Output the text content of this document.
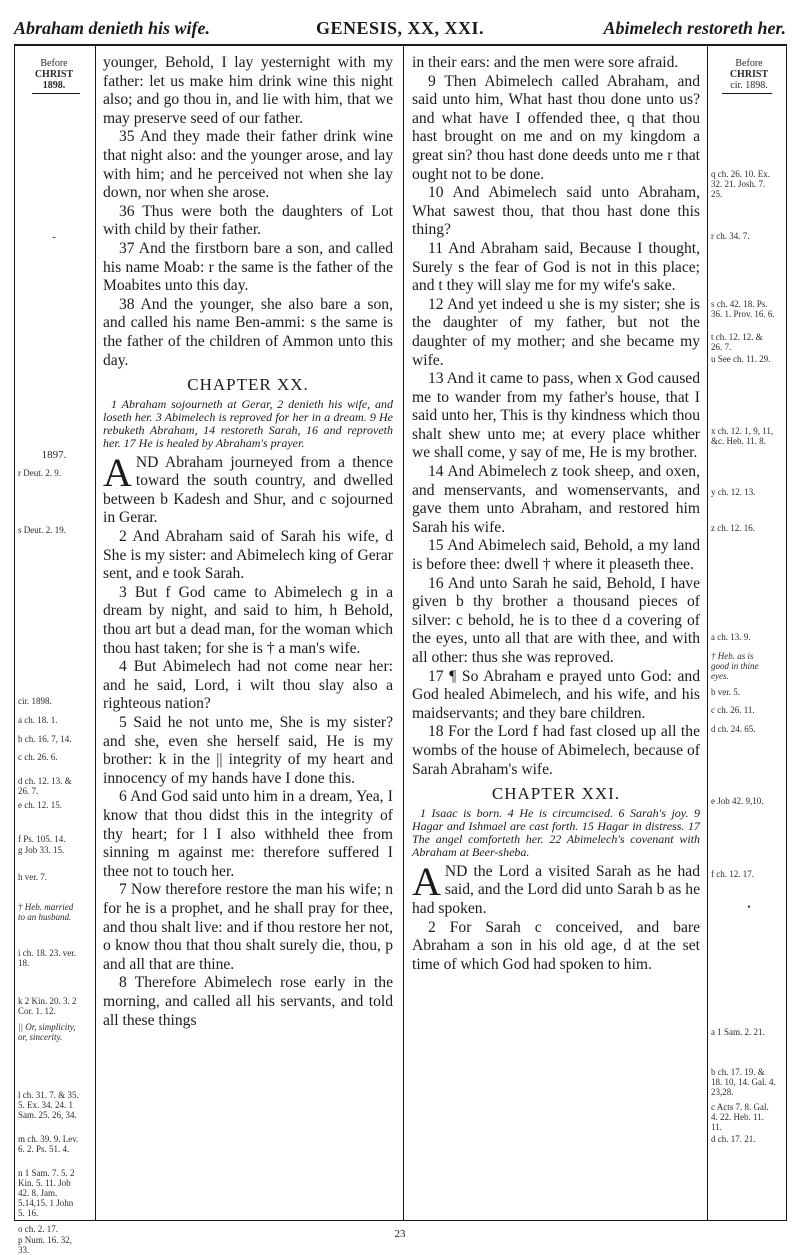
Abraham denieth his wife.	GENESIS, XX, XXI.	Abimelech restoreth her.
Before
CHRIST
1898.
-
1897.
r Deut. 2. 9.
s Deut. 2. 19.
cir. 1898.
a ch. 18. 1.
b ch. 16. 7, 14.
c ch. 26. 6.
d ch. 12. 13. & 26. 7.
e ch. 12. 15.
f Ps. 105. 14.
g Job 33. 15.
h ver. 7.
† Heb. married to an husband.
i ch. 18. 23. ver. 18.
k 2 Kin. 20. 3. 2 Cor. 1. 12.
|| Or, simplicity, or, sincerity.
l ch. 31. 7. & 35. 5. Ex. 34. 24. 1 Sam. 25. 26, 34.
m ch. 39. 9. Lev. 6. 2. Ps. 51. 4.
n 1 Sam. 7. 5. 2 Kin. 5. 11. Job 42. 8. Jam. 5.14,15. 1 John 5. 16.
o ch. 2. 17.
p Num. 16. 32, 33.

younger, Behold, I lay yesternight with my father: let us make him drink wine this night also; and go thou in, and lie with him, that we may preserve seed of our father.

35 And they made their father drink wine that night also: and the younger arose, and lay with him; and he perceived not when she lay down, nor when she arose.

36 Thus were both the daughters of Lot with child by their father.

37 And the firstborn bare a son, and called his name Moab: r the same is the father of the Moabites unto this day.

38 And the younger, she also bare a son, and called his name Ben-ammi: s the same is the father of the children of Ammon unto this day.

CHAPTER XX.

1 Abraham sojourneth at Gerar, 2 denieth his wife, and loseth her. 3 Abimelech is reproved for her in a dream. 9 He rebuketh Abraham, 14 restoreth Sarah, 16 and reproveth her. 17 He is healed by Abraham's prayer.

AND Abraham journeyed from a thence toward the south country, and dwelled between b Kadesh and Shur, and c sojourned in Gerar.

2 And Abraham said of Sarah his wife, d She is my sister: and Abimelech king of Gerar sent, and e took Sarah.

3 But f God came to Abimelech g in a dream by night, and said to him, h Behold, thou art but a dead man, for the woman which thou hast taken; for she is † a man's wife.

4 But Abimelech had not come near her: and he said, Lord, i wilt thou slay also a righteous nation?

5 Said he not unto me, She is my sister? and she, even she herself said, He is my brother: k in the || integrity of my heart and innocency of my hands have I done this.

6 And God said unto him in a dream, Yea, I know that thou didst this in the integrity of thy heart; for l I also withheld thee from sinning m against me: therefore suffered I thee not to touch her.

7 Now therefore restore the man his wife; n for he is a prophet, and he shall pray for thee, and thou shalt live: and if thou restore her not, o know thou that thou shalt surely die, thou, p and all that are thine.

8 Therefore Abimelech rose early in the morning, and called all his servants, and told all these things

in their ears: and the men were sore afraid.

9 Then Abimelech called Abraham, and said unto him, What hast thou done unto us? and what have I offended thee, q that thou hast brought on me and on my kingdom a great sin? thou hast done deeds unto me r that ought not to be done.

10 And Abimelech said unto Abraham, What sawest thou, that thou hast done this thing?

11 And Abraham said, Because I thought, Surely s the fear of God is not in this place; and t they will slay me for my wife's sake.

12 And yet indeed u she is my sister; she is the daughter of my father, but not the daughter of my mother; and she became my wife.

13 And it came to pass, when x God caused me to wander from my father's house, that I said unto her, This is thy kindness which thou shalt shew unto me; at every place whither we shall come, y say of me, He is my brother.

14 And Abimelech z took sheep, and oxen, and menservants, and womenservants, and gave them unto Abraham, and restored him Sarah his wife.

15 And Abimelech said, Behold, a my land is before thee: dwell † where it pleaseth thee.

16 And unto Sarah he said, Behold, I have given b thy brother a thousand pieces of silver: c behold, he is to thee d a covering of the eyes, unto all that are with thee, and with all other: thus she was reproved.

17 ¶ So Abraham e prayed unto God: and God healed Abimelech, and his wife, and his maidservants; and they bare children.

18 For the Lord f had fast closed up all the wombs of the house of Abimelech, because of Sarah Abraham's wife.

CHAPTER XXI.

1 Isaac is born. 4 He is circumcised. 6 Sarah's joy. 9 Hagar and Ishmael are cast forth. 15 Hagar in distress. 17 The angel comforteth her. 22 Abimelech's covenant with Abraham at Beer-sheba.

AND the Lord a visited Sarah as he had said, and the Lord did unto Sarah b as he had spoken.

2 For Sarah c conceived, and bare Abraham a son in his old age, d at the set time of which God had spoken to him.

Before
CHRIST
cir. 1898.
q ch. 26. 10. Ex. 32. 21. Josh. 7. 25.
r ch. 34. 7.
s ch. 42. 18. Ps. 36. 1. Prov. 16. 6.
t ch. 12. 12. & 26. 7.
u See ch. 11. 29.
x ch. 12. 1, 9, 11, &c. Heb. 11. 8.
y ch. 12. 13.
z ch. 12. 16.
a ch. 13. 9.
† Heb. as is good in thine eyes.
b ver. 5.
c ch. 26. 11.
d ch. 24. 65.
e Job 42. 9,10.
f ch. 12. 17.
•
a 1 Sam. 2. 21.
b ch. 17. 19. & 18. 10, 14. Gal. 4. 23,28.
c Acts 7. 8. Gal. 4. 22. Heb. 11. 11.
d ch. 17. 21.
23
